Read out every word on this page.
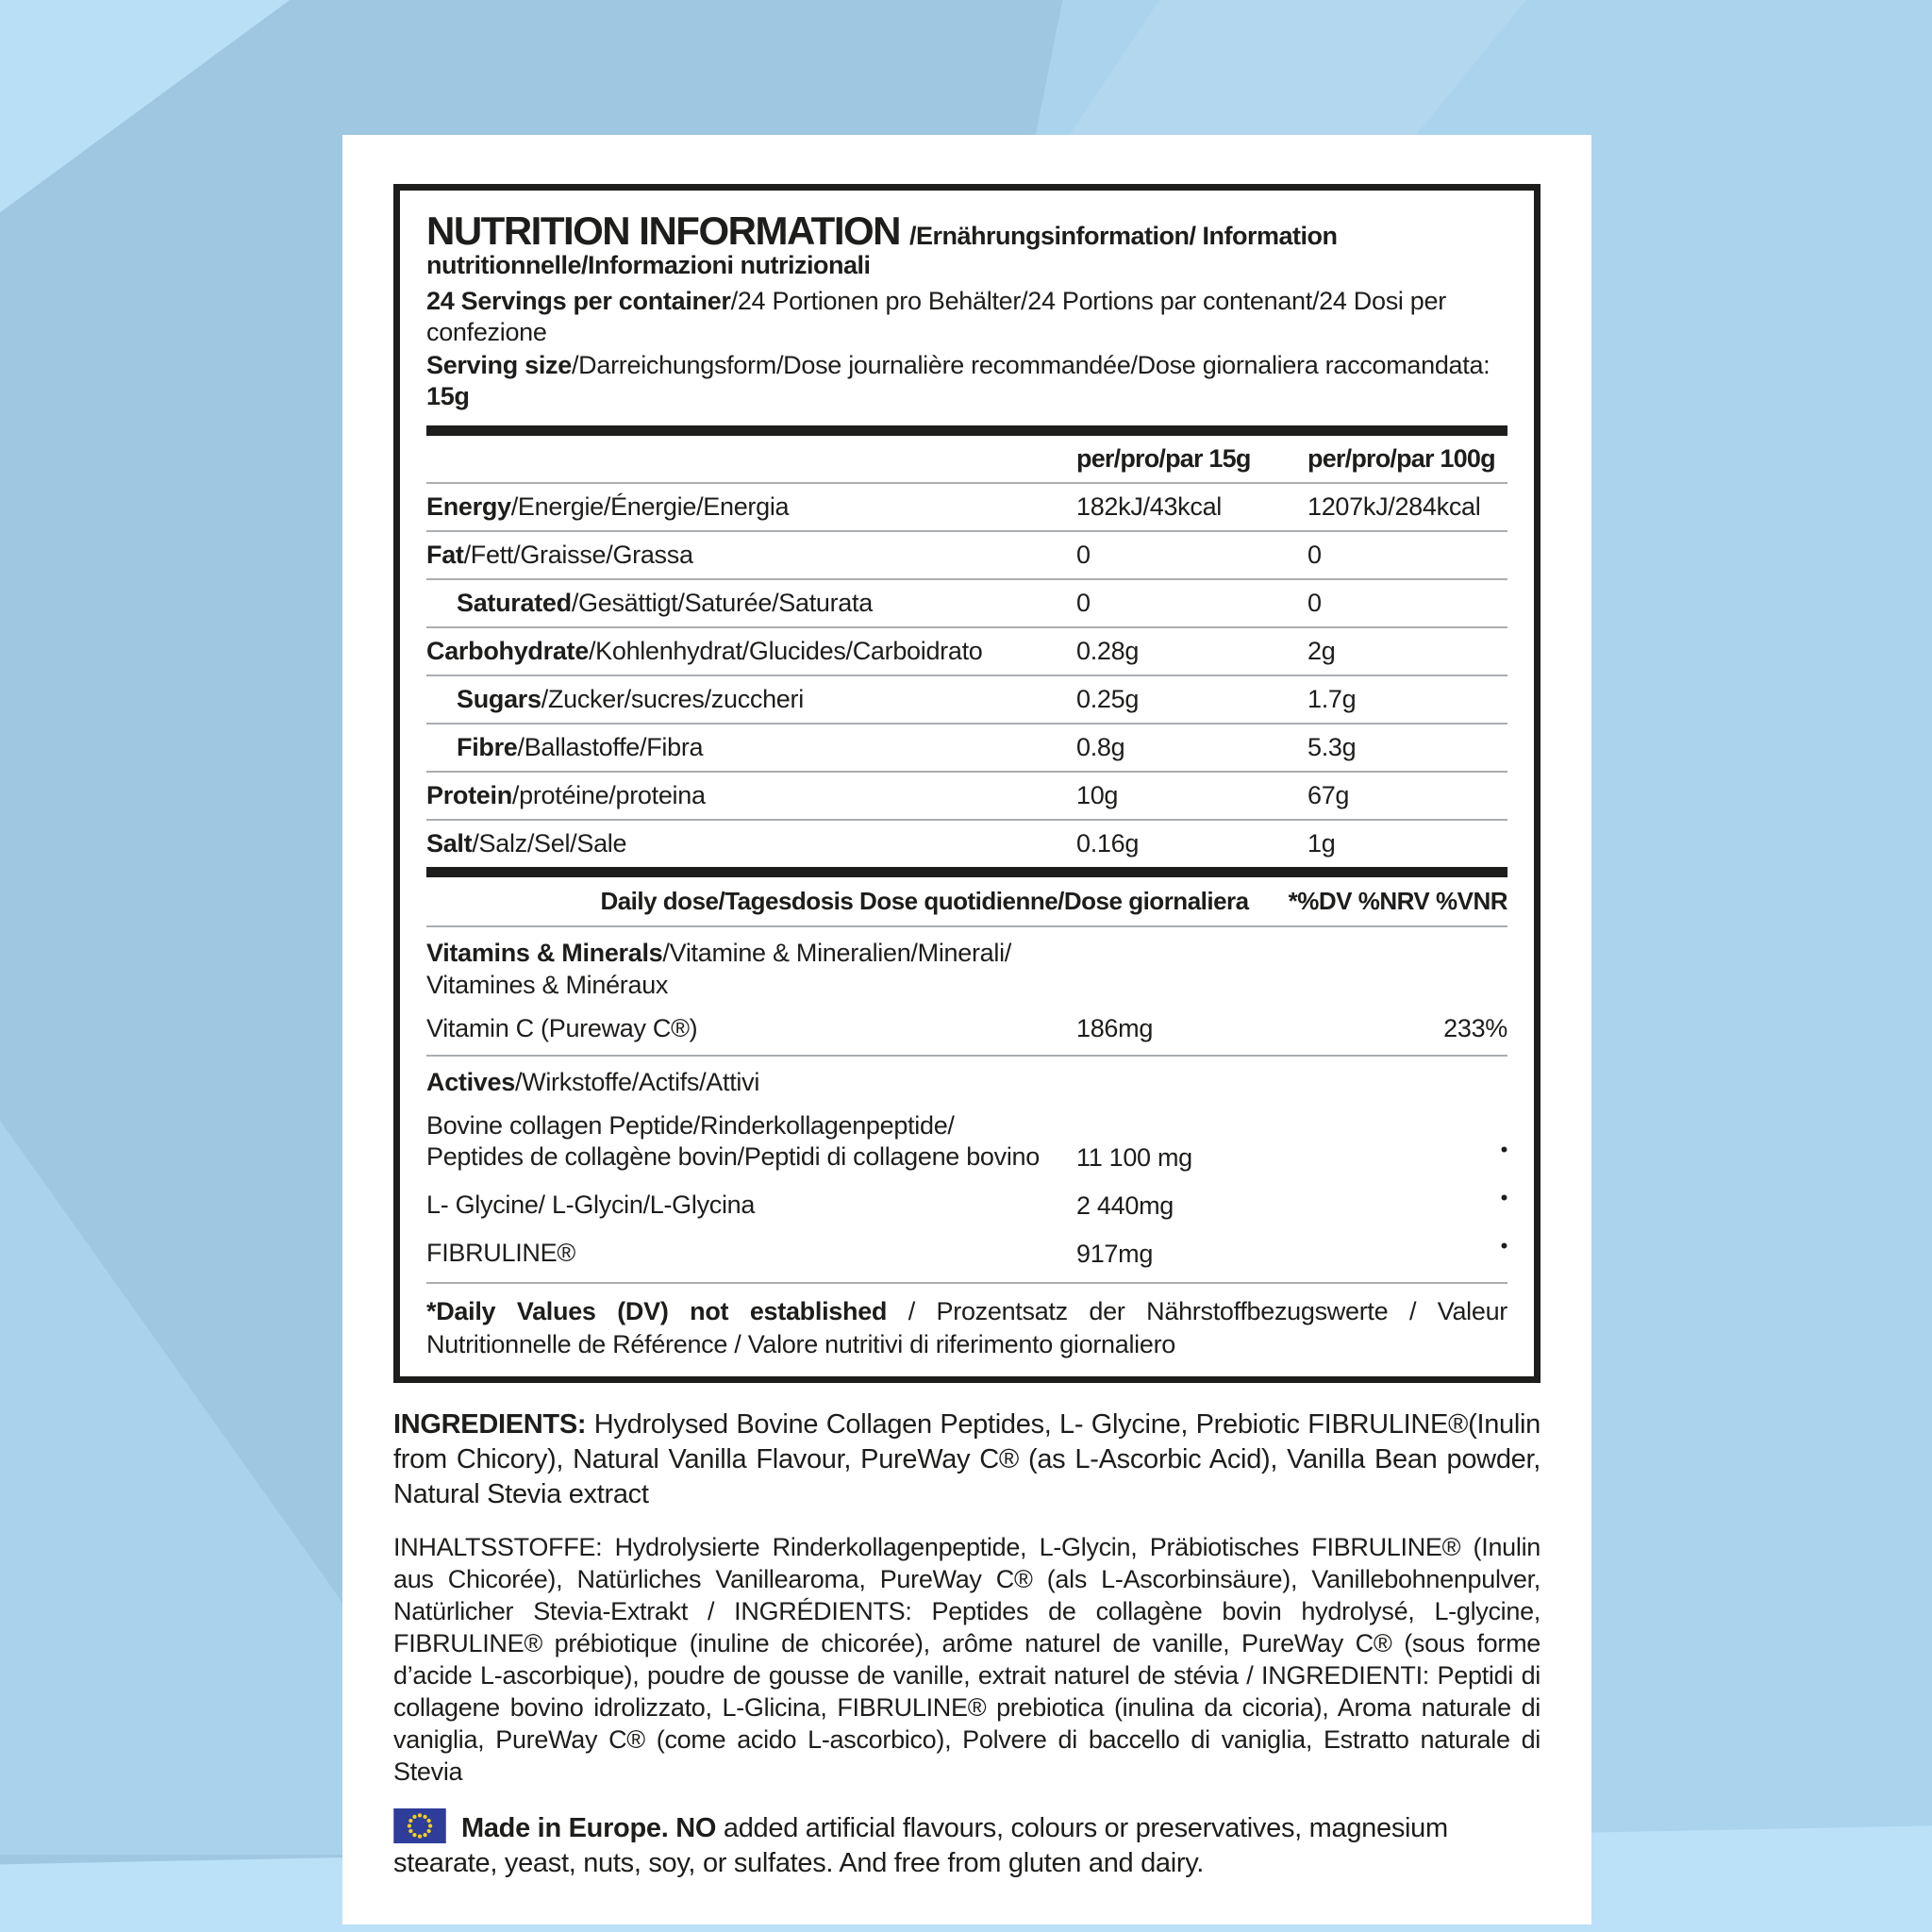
NUTRITION INFORMATION /Ernährungsinformation/ Information nutritionnelle/Informazioni nutrizionali
24 Servings per container/24 Portionen pro Behälter/24 Portions par contenant/24 Dosi per confezione
Serving size/Darreichungsform/Dose journalière recommandée/Dose giornaliera raccomandata: 15g
per/pro/par 15g	per/pro/par 100g
Energy/Energie/Énergie/Energia	182kJ/43kcal	1207kJ/284kcal
Fat/Fett/Graisse/Grassa	0	0
Saturated/Gesättigt/Saturée/Saturata	0	0
Carbohydrate/Kohlenhydrat/Glucides/Carboidrato	0.28g	2g
Sugars/Zucker/sucres/zuccheri	0.25g	1.7g
Fibre/Ballastoffe/Fibra	0.8g	5.3g
Protein/protéine/proteina	10g	67g
Salt/Salz/Sel/Sale	0.16g	1g
Daily dose/Tagesdosis Dose quotidienne/Dose giornaliera *%DV %NRV %VNR
Vitamins & Minerals/Vitamine & Mineralien/Minerali/
Vitamines & Minéraux
Vitamin C (Pureway C®)	186mg	233%
Actives/Wirkstoffe/Actifs/Attivi
Bovine collagen Peptide/Rinderkollagenpeptide/
Peptides de collagène bovin/Peptidi di collagene bovino	11 100 mg	•
L- Glycine/ L-Glycin/L-Glycina	2 440mg	•
FIBRULINE®	917mg	•
*Daily Values (DV) not established / Prozentsatz der Nährstoffbezugswerte / Valeur Nutritionnelle de Référence / Valore nutritivi di riferimento giornaliero

INGREDIENTS: Hydrolysed Bovine Collagen Peptides, L- Glycine, Prebiotic FIBRULINE®(Inulin from Chicory), Natural Vanilla Flavour, PureWay C® (as L-Ascorbic Acid), Vanilla Bean powder, Natural Stevia extract

INHALTSSTOFFE: Hydrolysierte Rinderkollagenpeptide, L-Glycin, Präbiotisches FIBRULINE® (Inulin aus Chicorée), Natürliches Vanillearoma, PureWay C® (als L-Ascorbinsäure), Vanillebohnenpulver, Natürlicher Stevia-Extrakt / INGRÉDIENTS: Peptides de collagène bovin hydrolysé, L-glycine, FIBRULINE® prébiotique (inuline de chicorée), arôme naturel de vanille, PureWay C® (sous forme d’acide L-ascorbique), poudre de gousse de vanille, extrait naturel de stévia / INGREDIENTI: Peptidi di collagene bovino idrolizzato, L-Glicina, FIBRULINE® prebiotica (inulina da cicoria), Aroma naturale di vaniglia, PureWay C® (come acido L-ascorbico), Polvere di baccello di vaniglia, Estratto naturale di Stevia

Made in Europe. NO added artificial flavours, colours or preservatives, magnesium stearate, yeast, nuts, soy, or sulfates. And free from gluten and dairy.
